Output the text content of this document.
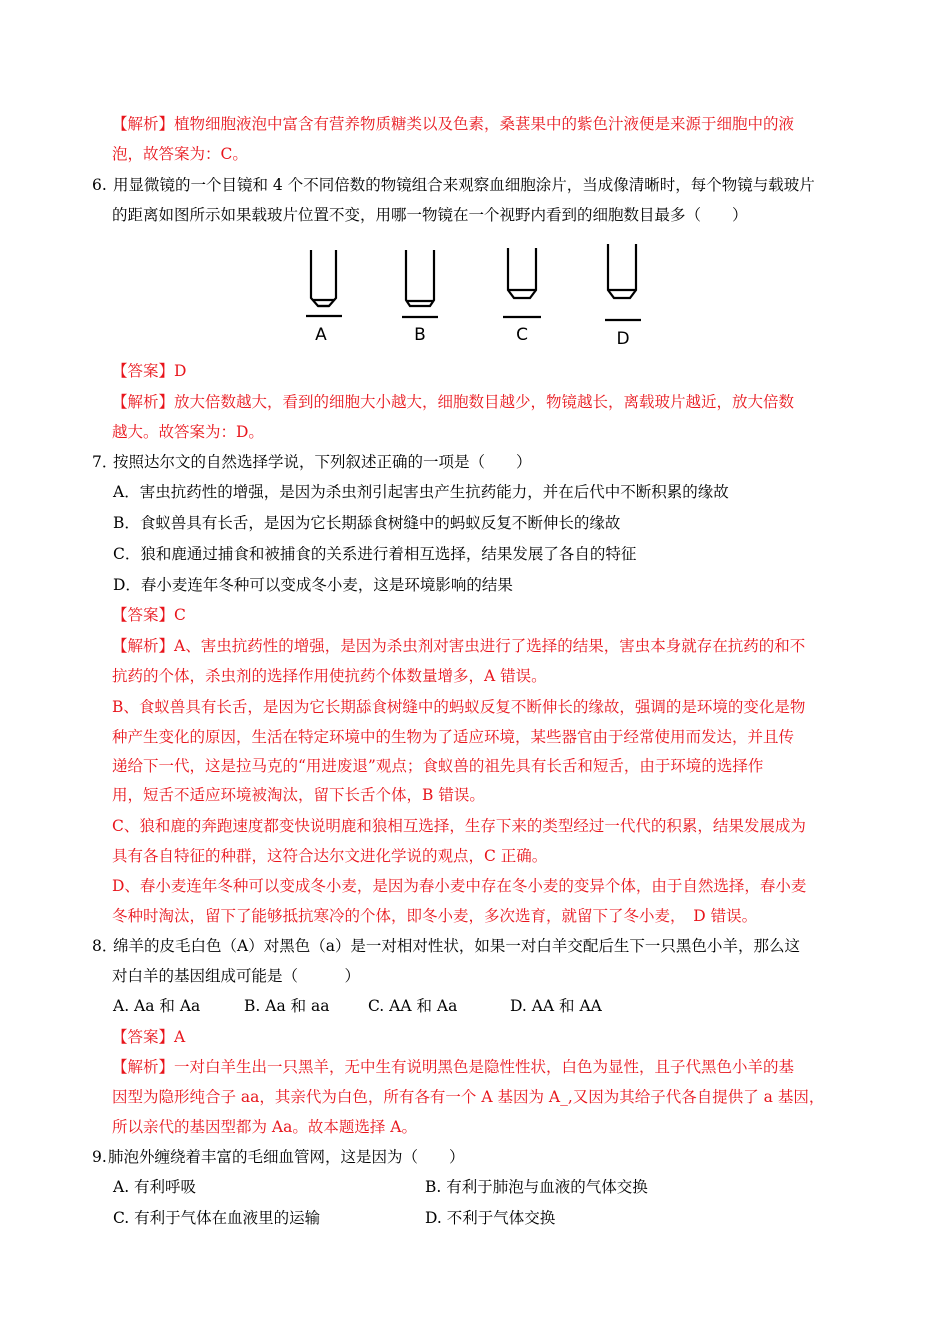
【解析】植物细胞液泡中富含有营养物质糖类以及色素，桑葚果中的紫色汁液便是来源于细胞中的液
泡，故答案为：C。
6. 用显微镜的一个目镜和 4 个不同倍数的物镜组合来观察血细胞涂片，当成像清晰时，每个物镜与载玻片
的距离如图所示如果载玻片位置不变，用哪一物镜在一个视野内看到的细胞数目最多（　　）
A	B	C	D
【答案】D
【解析】放大倍数越大，看到的细胞大小越大，细胞数目越少，物镜越长，离载玻片越近，放大倍数
越大。故答案为：D。
7．
按照达尔文的自然选择学说，下列叙述正确的一项是（　　）
A．害虫抗药性的增强，是因为杀虫剂引起害虫产生抗药能力，并在后代中不断积累的缘故
B．食蚁兽具有长舌，是因为它长期舔食树缝中的蚂蚁反复不断伸长的缘故
C．狼和鹿通过捕食和被捕食的关系进行着相互选择，结果发展了各自的特征
D．春小麦连年冬种可以变成冬小麦，这是环境影响的结果
【答案】C
【解析】A、害虫抗药性的增强，是因为杀虫剂对害虫进行了选择的结果，害虫本身就存在抗药的和不
抗药的个体，杀虫剂的选择作用使抗药个体数量增多，A 错误。
B、食蚁兽具有长舌，是因为它长期舔食树缝中的蚂蚁反复不断伸长的缘故，强调的是环境的变化是物
种产生变化的原因，生活在特定环境中的生物为了适应环境，某些器官由于经常使用而发达，并且传
递给下一代，这是拉马克的“用进废退”观点；食蚁兽的祖先具有长舌和短舌，由于环境的选择作
用，短舌不适应环境被淘汰，留下长舌个体，B 错误。
C、狼和鹿的奔跑速度都变快说明鹿和狼相互选择，生存下来的类型经过一代代的积累，结果发展成为
具有各自特征的种群，这符合达尔文进化学说的观点，C 正确。
D、春小麦连年冬种可以变成冬小麦，是因为春小麦中存在冬小麦的变异个体，由于自然选择，春小麦
冬种时淘汰，留下了能够抵抗寒冷的个体，即冬小麦，多次选育，就留下了冬小麦，　D 错误。
8．
绵羊的皮毛白色（A）对黑色（a）是一对相对性状，如果一对白羊交配后生下一只黑色小羊，那么这
对白羊的基因组成可能是（　　　）
A. Aa 和 Aa	B. Aa 和 aa C. AA 和 Aa	D. AA 和 AA
【答案】A
【解析】一对白羊生出一只黑羊，无中生有说明黑色是隐性性状，白色为显性，且子代黑色小羊的基
因型为隐形纯合子 aa，其亲代为白色，所有各有一个 A 基因为 A_,又因为其给子代各自提供了 a 基因，
所以亲代的基因型都为 Aa。故本题选择 A。
9. 肺泡外缠绕着丰富的毛细血管网，这是因为（　　）
A. 有利呼吸	B. 有利于肺泡与血液的气体交换
C. 有利于气体在血液里的运输	D. 不利于气体交换
